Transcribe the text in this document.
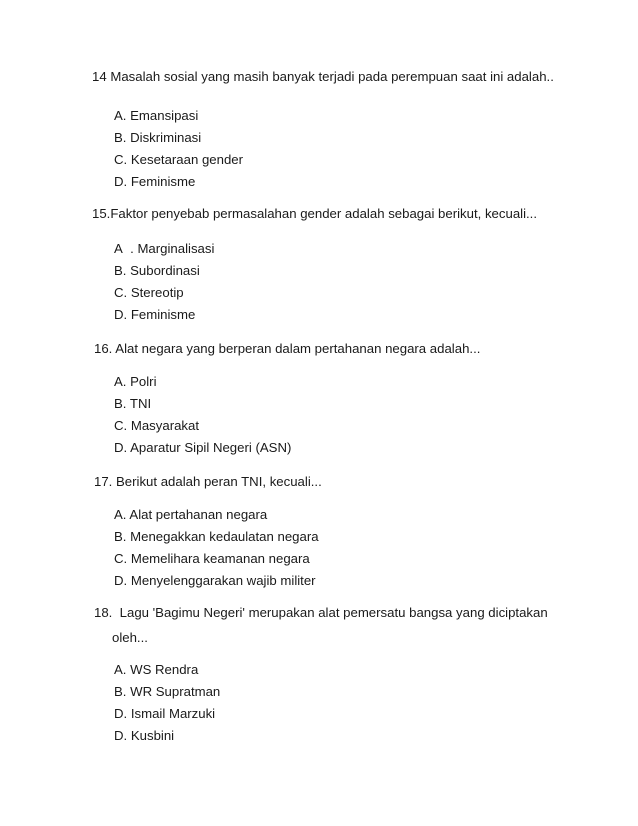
14 Masalah sosial yang masih banyak terjadi pada perempuan saat ini adalah..
A. Emansipasi
B. Diskriminasi
C. Kesetaraan gender
D. Feminisme
15.Faktor penyebab permasalahan gender adalah sebagai berikut, kecuali...
A  . Marginalisasi
B. Subordinasi
C. Stereotip
D. Feminisme
16. Alat negara yang berperan dalam pertahanan negara adalah...
A. Polri
B. TNI
C. Masyarakat
D. Aparatur Sipil Negeri (ASN)
17. Berikut adalah peran TNI, kecuali...
A. Alat pertahanan negara
B. Menegakkan kedaulatan negara
C. Memelihara keamanan negara
D. Menyelenggarakan wajib militer
18.  Lagu 'Bagimu Negeri' merupakan alat pemersatu bangsa yang diciptakan
oleh...
A. WS Rendra
B. WR Supratman
D. Ismail Marzuki
D. Kusbini
